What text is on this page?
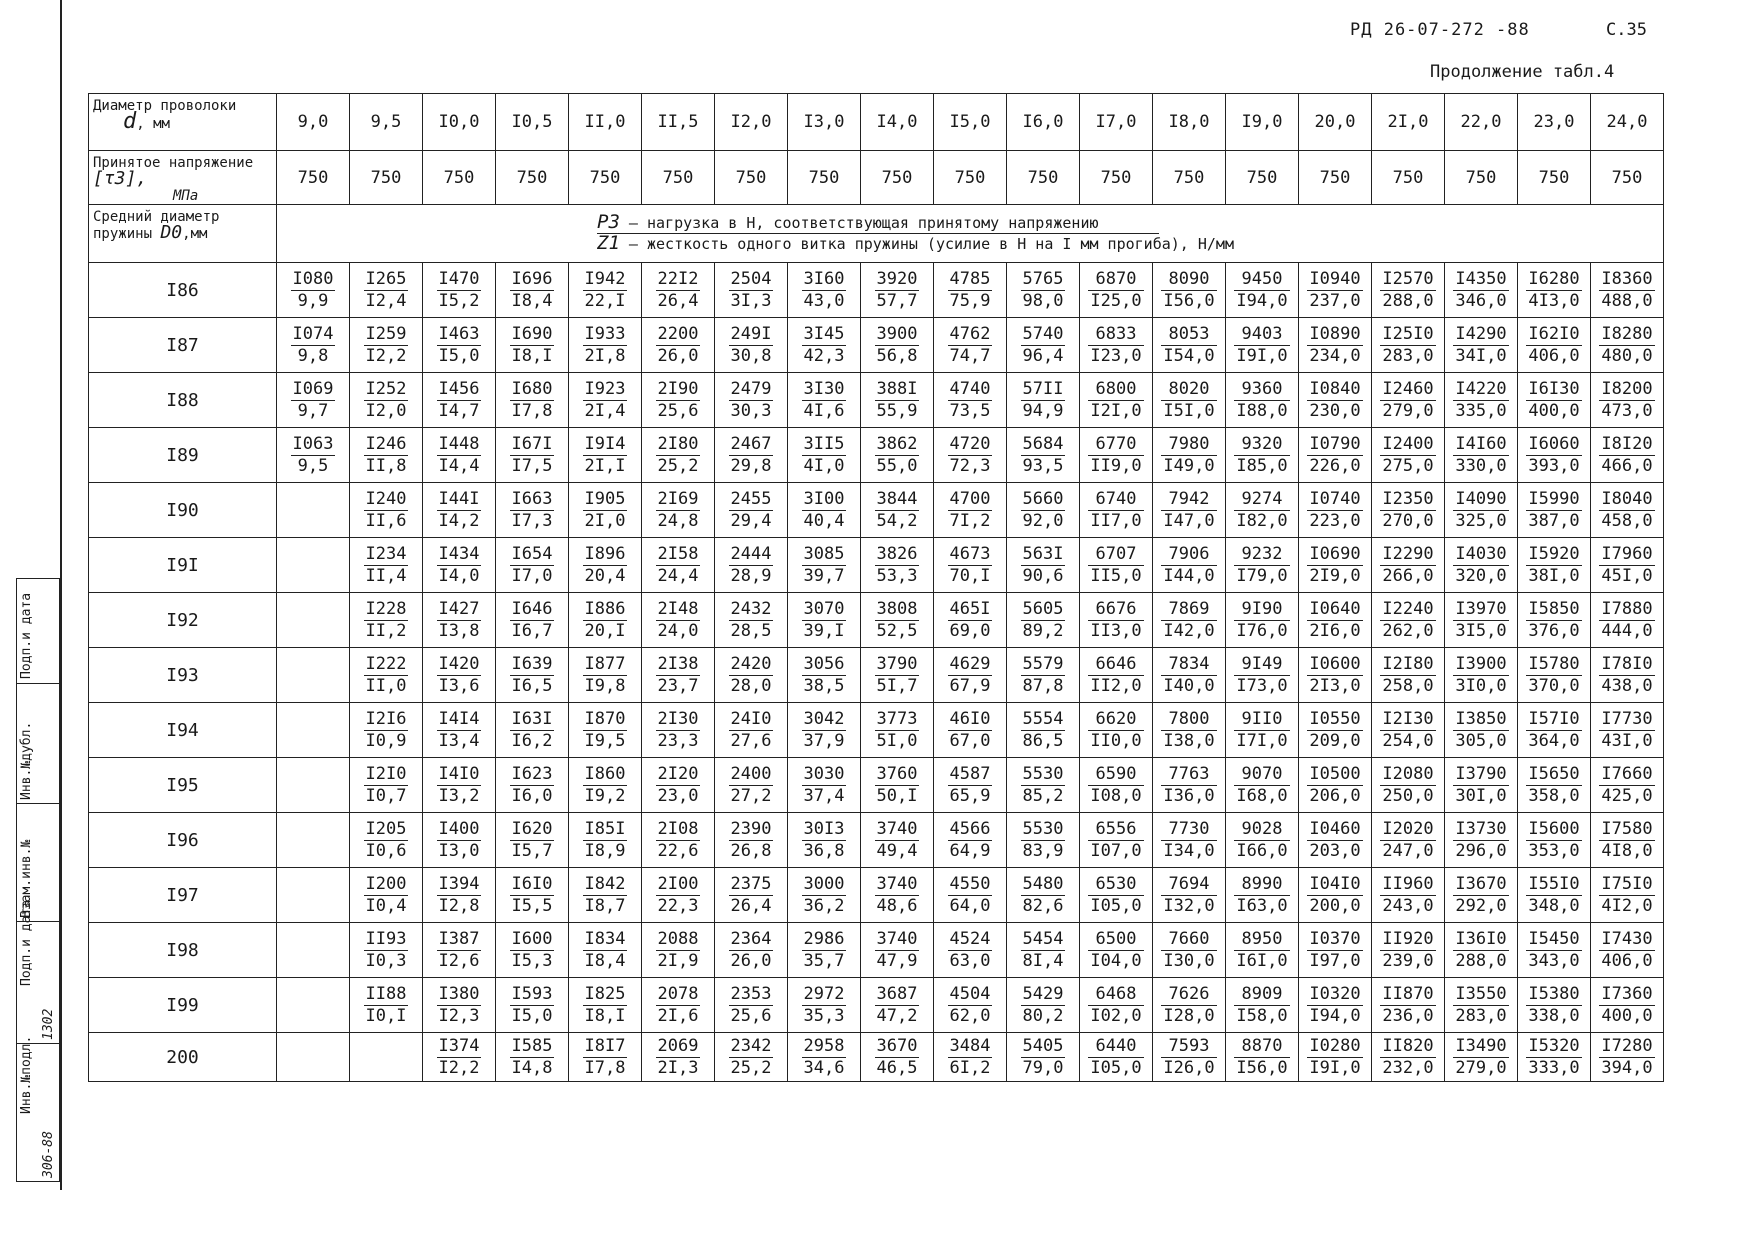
РД 26-07-272 -88	С.35
Продолжение табл.4
Подп.и дата
Инв.№дубл.
Взам.инв.№
Подп.и дата
1302
Инв.№подл.
306-88
Диаметр проволоки
d, мм	9,0	9,5	I0,0	I0,5	II,0	II,5	I2,0	I3,0	I4,0	I5,0	I6,0	I7,0	I8,0	I9,0	20,0	2I,0	22,0	23,0	24,0
Принятое напряжение [τ3],
МПа	750	750	750	750	750	750	750	750	750	750	750	750	750	750	750	750	750	750	750
Средний диаметр пружины D0,мм	P3 – нагрузка в Н, соответствующая принятому напряжению
Z1 – жесткость одного витка пружины (усилие в Н на I мм прогиба), Н/мм																		

I86	$\frac{I080}{9,9}$	$\frac{I265}{I2,4}$	$\frac{I470}{I5,2}$	$\frac{I696}{I8,4}$	$\frac{I942}{22,I}$	$\frac{22I2}{26,4}$	$\frac{2504}{3I,3}$	$\frac{3I60}{43,0}$	$\frac{3920}{57,7}$	$\frac{4785}{75,9}$	$\frac{5765}{98,0}$	$\frac{6870}{I25,0}$	$\frac{8090}{I56,0}$	$\frac{9450}{I94,0}$	$\frac{I0940}{237,0}$	$\frac{I2570}{288,0}$	$\frac{I4350}{346,0}$	$\frac{I6280}{4I3,0}$	$\frac{I8360}{488,0}$

I87	$\frac{I074}{9,8}$	$\frac{I259}{I2,2}$	$\frac{I463}{I5,0}$	$\frac{I690}{I8,I}$	$\frac{I933}{2I,8}$	$\frac{2200}{26,0}$	$\frac{249I}{30,8}$	$\frac{3I45}{42,3}$	$\frac{3900}{56,8}$	$\frac{4762}{74,7}$	$\frac{5740}{96,4}$	$\frac{6833}{I23,0}$	$\frac{8053}{I54,0}$	$\frac{9403}{I9I,0}$	$\frac{I0890}{234,0}$	$\frac{I25I0}{283,0}$	$\frac{I4290}{34I,0}$	$\frac{I62I0}{406,0}$	$\frac{I8280}{480,0}$

I88	$\frac{I069}{9,7}$	$\frac{I252}{I2,0}$	$\frac{I456}{I4,7}$	$\frac{I680}{I7,8}$	$\frac{I923}{2I,4}$	$\frac{2I90}{25,6}$	$\frac{2479}{30,3}$	$\frac{3I30}{4I,6}$	$\frac{388I}{55,9}$	$\frac{4740}{73,5}$	$\frac{57II}{94,9}$	$\frac{6800}{I2I,0}$	$\frac{8020}{I5I,0}$	$\frac{9360}{I88,0}$	$\frac{I0840}{230,0}$	$\frac{I2460}{279,0}$	$\frac{I4220}{335,0}$	$\frac{I6I30}{400,0}$	$\frac{I8200}{473,0}$

I89	$\frac{I063}{9,5}$	$\frac{I246}{II,8}$	$\frac{I448}{I4,4}$	$\frac{I67I}{I7,5}$	$\frac{I9I4}{2I,I}$	$\frac{2I80}{25,2}$	$\frac{2467}{29,8}$	$\frac{3II5}{4I,0}$	$\frac{3862}{55,0}$	$\frac{4720}{72,3}$	$\frac{5684}{93,5}$	$\frac{6770}{II9,0}$	$\frac{7980}{I49,0}$	$\frac{9320}{I85,0}$	$\frac{I0790}{226,0}$	$\frac{I2400}{275,0}$	$\frac{I4I60}{330,0}$	$\frac{I6060}{393,0}$	$\frac{I8I20}{466,0}$

I90		$\frac{I240}{II,6}$	$\frac{I44I}{I4,2}$	$\frac{I663}{I7,3}$	$\frac{I905}{2I,0}$	$\frac{2I69}{24,8}$	$\frac{2455}{29,4}$	$\frac{3I00}{40,4}$	$\frac{3844}{54,2}$	$\frac{4700}{7I,2}$	$\frac{5660}{92,0}$	$\frac{6740}{II7,0}$	$\frac{7942}{I47,0}$	$\frac{9274}{I82,0}$	$\frac{I0740}{223,0}$	$\frac{I2350}{270,0}$	$\frac{I4090}{325,0}$	$\frac{I5990}{387,0}$	$\frac{I8040}{458,0}$

I9I		$\frac{I234}{II,4}$	$\frac{I434}{I4,0}$	$\frac{I654}{I7,0}$	$\frac{I896}{20,4}$	$\frac{2I58}{24,4}$	$\frac{2444}{28,9}$	$\frac{3085}{39,7}$	$\frac{3826}{53,3}$	$\frac{4673}{70,I}$	$\frac{563I}{90,6}$	$\frac{6707}{II5,0}$	$\frac{7906}{I44,0}$	$\frac{9232}{I79,0}$	$\frac{I0690}{2I9,0}$	$\frac{I2290}{266,0}$	$\frac{I4030}{320,0}$	$\frac{I5920}{38I,0}$	$\frac{I7960}{45I,0}$

I92		$\frac{I228}{II,2}$	$\frac{I427}{I3,8}$	$\frac{I646}{I6,7}$	$\frac{I886}{20,I}$	$\frac{2I48}{24,0}$	$\frac{2432}{28,5}$	$\frac{3070}{39,I}$	$\frac{3808}{52,5}$	$\frac{465I}{69,0}$	$\frac{5605}{89,2}$	$\frac{6676}{II3,0}$	$\frac{7869}{I42,0}$	$\frac{9I90}{I76,0}$	$\frac{I0640}{2I6,0}$	$\frac{I2240}{262,0}$	$\frac{I3970}{3I5,0}$	$\frac{I5850}{376,0}$	$\frac{I7880}{444,0}$

I93		$\frac{I222}{II,0}$	$\frac{I420}{I3,6}$	$\frac{I639}{I6,5}$	$\frac{I877}{I9,8}$	$\frac{2I38}{23,7}$	$\frac{2420}{28,0}$	$\frac{3056}{38,5}$	$\frac{3790}{5I,7}$	$\frac{4629}{67,9}$	$\frac{5579}{87,8}$	$\frac{6646}{II2,0}$	$\frac{7834}{I40,0}$	$\frac{9I49}{I73,0}$	$\frac{I0600}{2I3,0}$	$\frac{I2I80}{258,0}$	$\frac{I3900}{3I0,0}$	$\frac{I5780}{370,0}$	$\frac{I78I0}{438,0}$

I94		$\frac{I2I6}{I0,9}$	$\frac{I4I4}{I3,4}$	$\frac{I63I}{I6,2}$	$\frac{I870}{I9,5}$	$\frac{2I30}{23,3}$	$\frac{24I0}{27,6}$	$\frac{3042}{37,9}$	$\frac{3773}{5I,0}$	$\frac{46I0}{67,0}$	$\frac{5554}{86,5}$	$\frac{6620}{II0,0}$	$\frac{7800}{I38,0}$	$\frac{9II0}{I7I,0}$	$\frac{I0550}{209,0}$	$\frac{I2I30}{254,0}$	$\frac{I3850}{305,0}$	$\frac{I57I0}{364,0}$	$\frac{I7730}{43I,0}$

I95		$\frac{I2I0}{I0,7}$	$\frac{I4I0}{I3,2}$	$\frac{I623}{I6,0}$	$\frac{I860}{I9,2}$	$\frac{2I20}{23,0}$	$\frac{2400}{27,2}$	$\frac{3030}{37,4}$	$\frac{3760}{50,I}$	$\frac{4587}{65,9}$	$\frac{5530}{85,2}$	$\frac{6590}{I08,0}$	$\frac{7763}{I36,0}$	$\frac{9070}{I68,0}$	$\frac{I0500}{206,0}$	$\frac{I2080}{250,0}$	$\frac{I3790}{30I,0}$	$\frac{I5650}{358,0}$	$\frac{I7660}{425,0}$

I96		$\frac{I205}{I0,6}$	$\frac{I400}{I3,0}$	$\frac{I620}{I5,7}$	$\frac{I85I}{I8,9}$	$\frac{2I08}{22,6}$	$\frac{2390}{26,8}$	$\frac{30I3}{36,8}$	$\frac{3740}{49,4}$	$\frac{4566}{64,9}$	$\frac{5530}{83,9}$	$\frac{6556}{I07,0}$	$\frac{7730}{I34,0}$	$\frac{9028}{I66,0}$	$\frac{I0460}{203,0}$	$\frac{I2020}{247,0}$	$\frac{I3730}{296,0}$	$\frac{I5600}{353,0}$	$\frac{I7580}{4I8,0}$

I97		$\frac{I200}{I0,4}$	$\frac{I394}{I2,8}$	$\frac{I6I0}{I5,5}$	$\frac{I842}{I8,7}$	$\frac{2I00}{22,3}$	$\frac{2375}{26,4}$	$\frac{3000}{36,2}$	$\frac{3740}{48,6}$	$\frac{4550}{64,0}$	$\frac{5480}{82,6}$	$\frac{6530}{I05,0}$	$\frac{7694}{I32,0}$	$\frac{8990}{I63,0}$	$\frac{I04I0}{200,0}$	$\frac{II960}{243,0}$	$\frac{I3670}{292,0}$	$\frac{I55I0}{348,0}$	$\frac{I75I0}{4I2,0}$

I98		$\frac{II93}{I0,3}$	$\frac{I387}{I2,6}$	$\frac{I600}{I5,3}$	$\frac{I834}{I8,4}$	$\frac{2088}{2I,9}$	$\frac{2364}{26,0}$	$\frac{2986}{35,7}$	$\frac{3740}{47,9}$	$\frac{4524}{63,0}$	$\frac{5454}{8I,4}$	$\frac{6500}{I04,0}$	$\frac{7660}{I30,0}$	$\frac{8950}{I6I,0}$	$\frac{I0370}{I97,0}$	$\frac{II920}{239,0}$	$\frac{I36I0}{288,0}$	$\frac{I5450}{343,0}$	$\frac{I7430}{406,0}$

I99		$\frac{II88}{I0,I}$	$\frac{I380}{I2,3}$	$\frac{I593}{I5,0}$	$\frac{I825}{I8,I}$	$\frac{2078}{2I,6}$	$\frac{2353}{25,6}$	$\frac{2972}{35,3}$	$\frac{3687}{47,2}$	$\frac{4504}{62,0}$	$\frac{5429}{80,2}$	$\frac{6468}{I02,0}$	$\frac{7626}{I28,0}$	$\frac{8909}{I58,0}$	$\frac{I0320}{I94,0}$	$\frac{II870}{236,0}$	$\frac{I3550}{283,0}$	$\frac{I5380}{338,0}$	$\frac{I7360}{400,0}$

200			$\frac{I374}{I2,2}$	$\frac{I585}{I4,8}$	$\frac{I8I7}{I7,8}$	$\frac{2069}{2I,3}$	$\frac{2342}{25,2}$	$\frac{2958}{34,6}$	$\frac{3670}{46,5}$	$\frac{3484}{6I,2}$	$\frac{5405}{79,0}$	$\frac{6440}{I05,0}$	$\frac{7593}{I26,0}$	$\frac{8870}{I56,0}$	$\frac{I0280}{I9I,0}$	$\frac{II820}{232,0}$	$\frac{I3490}{279,0}$	$\frac{I5320}{333,0}$	$\frac{I7280}{394,0}$
